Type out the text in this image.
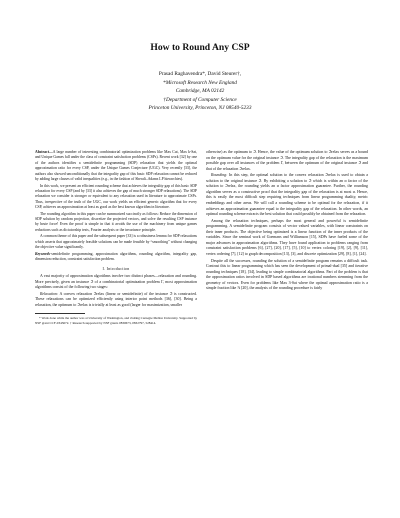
How to Round Any CSP
Prasad Raghavendra*, David Steurer†,
*Microsoft Research New England
Cambridge, MA 02142
†Department of Computer Science
Princeton University, Princeton, NJ 08540-5233

Abstract—A large number of interesting combinatorial optimization problems like Max Cut, Max k-Sat, and Unique Games fall under the class of constraint satisfaction problems (CSPs). Recent work [32] by one of the authors identifies a semidefinite programming (SDP) relaxation that yields the optimal approximation ratio for every CSP, under the Unique Games Conjecture (UGC). Very recently [33], the authors also showed unconditionally that the integrality gap of this basic SDP relaxation cannot be reduced by adding large classes of valid inequalities (e.g., in the fashion of Sherali–Adams LP hierarchies).

In this work, we present an efficient rounding scheme that achieves the integrality gap of this basic SDP relaxation for every CSP (and by [33] it also achieves the gap of much stronger SDP relaxations). The SDP relaxation we consider is stronger or equivalent to any relaxation used in literature to approximate CSPs. Thus, irrespective of the truth of the UGC, our work yields an efficient generic algorithm that for every CSP, achieves an approximation at least as good as the best known algorithm in literature.

The rounding algorithm in this paper can be summarized succinctly as follows: Reduce the dimension of SDP solution by random projection, discretize the projected vectors, and solve the resulting CSP instance by brute force! Even the proof is simple in that it avoids the use of the machinery from unique games reductions such as dictatorship tests, Fourier analysis or the invariance principle.

A common theme of this paper and the subsequent paper [33] is a robustness lemma for SDP relaxations which asserts that approximately feasible solutions can be made feasible by “smoothing” without changing the objective value significantly.

Keywords-semidefinite programming, approximation algorithms, rounding algorithm, integrality gap, dimension reduction, constraint satisfaction problem.

I. Introduction

A vast majority of approximation algorithms involve two distinct phases—relaxation and rounding. More precisely, given an instance ℑ of a combinatorial optimization problem Γ, most approximation algorithms consist of the following two stages:

Relaxation: A convex relaxation ℑrelax (linear or semidefinite) of the instance ℑ is constructed. These relaxations can be optimized efficiently using interior point methods [36], [30]. Being a relaxation, the optimum to ℑrelax is trivially at least as good (larger for maximization, smaller

* Work done while the author was at University of Washington, and visiting Carnegie Mellon University. Supported by NSF grant CCF-0343672. † Research supported by NSF grants 0830673, 0832797, 528414.

otherwise) as the optimum to ℑ. Hence, the value of the optimum solution to ℑrelax serves as a bound on the optimum value for the original instance ℑ. The integrality gap of the relaxation is the maximum possible gap over all instances of the problem Γ, between the optimum of the original instance ℑ and that of the relaxation ℑrelax.

Rounding: In this step, the optimal solution to the convex relaxation ℑrelax is used to obtain a solution to the original instance ℑ. By exhibiting a solution to ℑ which is within an α factor of the solution to ℑrelax, the rounding yields an α factor approximation guarantee. Further, the rounding algorithm serves as a constructive proof that the integrality gap of the relaxation is at most α. Hence, this is easily the most difficult step requiring techniques from linear programming duality, metric embeddings and other areas. We will call a rounding scheme to be optimal for the relaxation, if it achieves an approximation guarantee equal to the integrality gap of the relaxation. In other words, an optimal rounding scheme extracts the best solution that could possibly be obtained from the relaxation.

Among the relaxation techniques, perhaps the most general and powerful is semidefinite programming. A semidefinite program consists of vector valued variables, with linear constraints on their inner products. The objective being optimized is a linear function of the inner products of the variables. Since the seminal work of Goemans and Williamson [15], SDPs have fueled some of the major advances in approximation algorithms. They have found application to problems ranging from constraint satisfaction problems [6], [27], [20], [17], [5], [10] to vertex coloring [19], [2], [9], [11], vertex ordering [7], [12] to graph decomposition [13], [3], and discrete optimization [29], [8], [1], [24].

Despite all the successes, rounding the solution of a semidefinite program remains a difficult task. Contrast this to linear programming which has seen the development of primal-dual [35] and iterative rounding techniques [18], [34], leading to simple combinatorial algorithms. Part of the problem is that the approximation ratios involved in SDP based algorithms are irrational numbers stemming from the geometry of vectors. Even for problems like Max 3-Sat where the optimal approximation ratio is a simple fraction like ⅞ [20], the analysis of the rounding procedure is fairly
